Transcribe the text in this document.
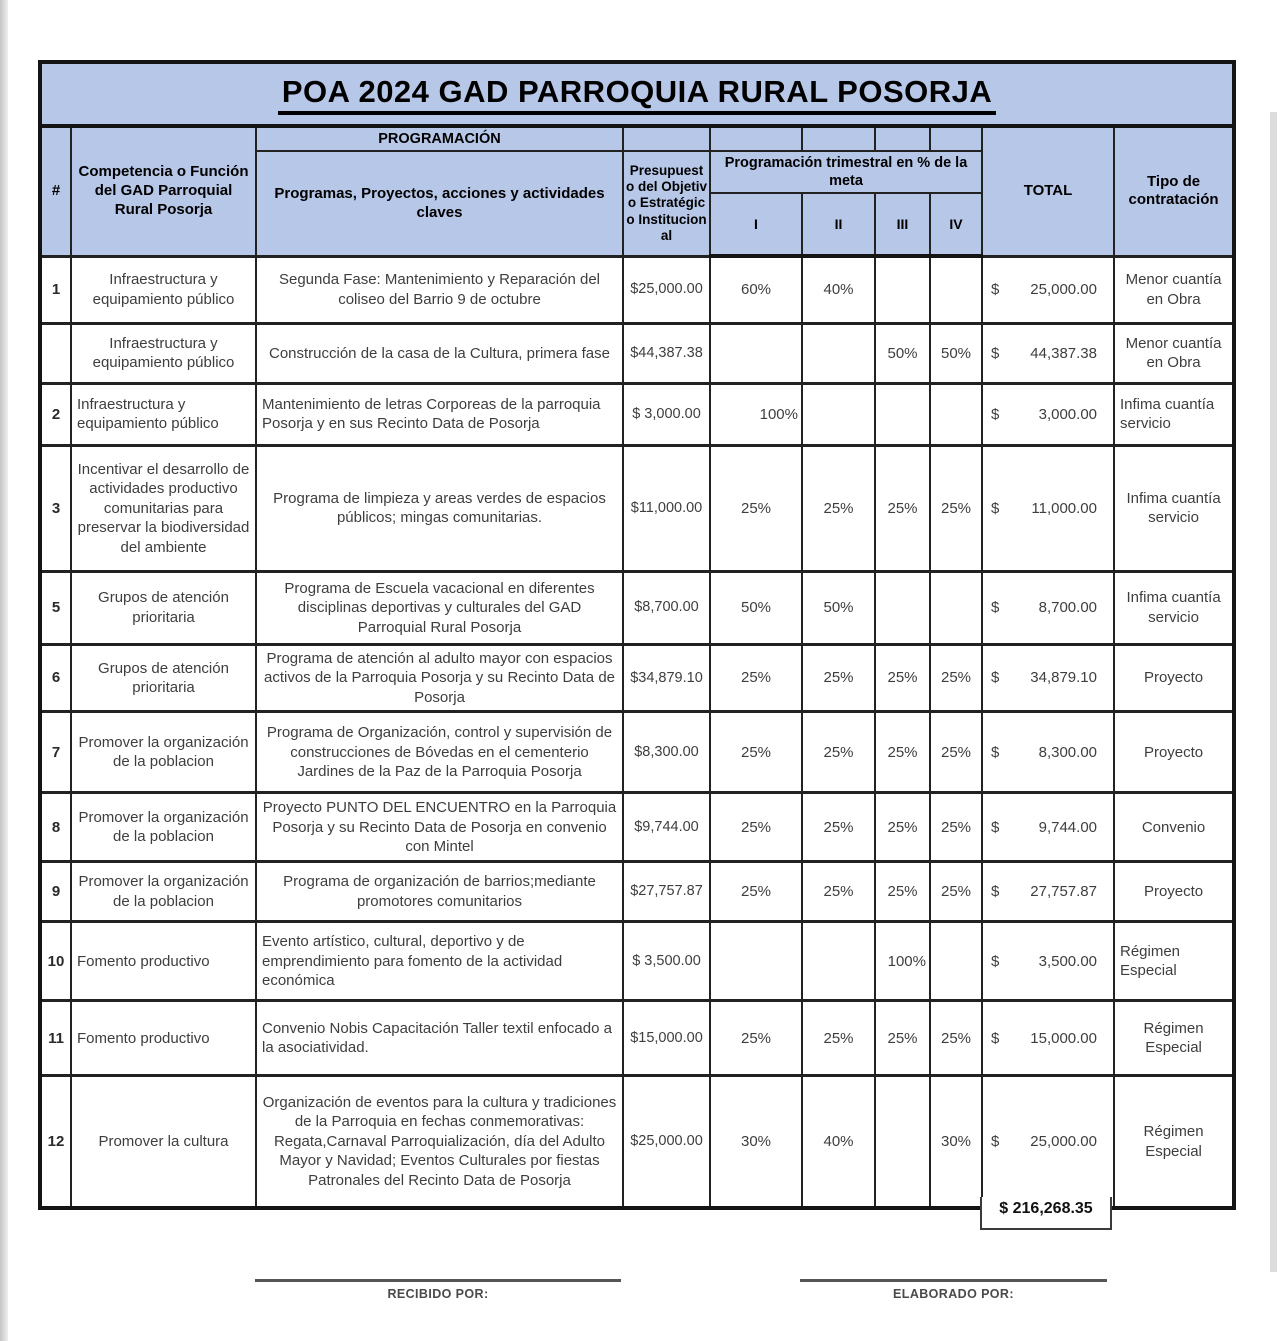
POA 2024 GAD PARROQUIA RURAL POSORJA									
#	Competencia o Función del GAD Parroquial Rural Posorja	PROGRAMACIÓN						TOTAL	Tipo de contratación
		Programas, Proyectos, acciones y actividades claves	Presupuesto del Objetivo Estratégico Institucional	Programación trimestral en % de la meta					
				I	II	III	IV		
1	Infraestructura y equipamiento público	Segunda Fase: Mantenimiento y Reparación del coliseo del Barrio 9 de octubre	$25,000.00	60%	40%			$ 25,000.00	Menor cuantía en Obra
	Infraestructura y equipamiento público	Construcción de la casa de la Cultura, primera fase	$44,387.38			50%	50%	$ 44,387.38	Menor cuantía en Obra
2	Infraestructura y equipamiento público	Mantenimiento de letras Corporeas de la parroquia Posorja y en sus Recinto Data de Posorja	$ 3,000.00	100%				$ 3,000.00	Infima cuantía servicio
3	Incentivar el desarrollo de actividades productivo comunitarias para preservar la biodiversidad del ambiente	Programa de limpieza y areas verdes de espacios públicos; mingas comunitarias.	$11,000.00	25%	25%	25%	25%	$ 11,000.00	Infima cuantía servicio
5	Grupos de atención prioritaria	Programa de Escuela vacacional en diferentes disciplinas deportivas y culturales del GAD Parroquial Rural Posorja	$8,700.00	50%	50%			$ 8,700.00	Infima cuantía servicio
6	Grupos de atención prioritaria	Programa de atención al adulto mayor con espacios activos de la Parroquia Posorja y su Recinto Data de Posorja	$34,879.10	25%	25%	25%	25%	$ 34,879.10	Proyecto
7	Promover la organización de la poblacion	Programa de Organización, control y supervisión de construcciones de Bóvedas en el cementerio Jardines de la Paz de la Parroquia Posorja	$8,300.00	25%	25%	25%	25%	$ 8,300.00	Proyecto
8	Promover la organización de la poblacion	Proyecto PUNTO DEL ENCUENTRO en la Parroquia Posorja y su Recinto Data de Posorja en convenio con Mintel	$9,744.00	25%	25%	25%	25%	$ 9,744.00	Convenio
9	Promover la organización de la poblacion	Programa de organización de barrios;mediante promotores comunitarios	$27,757.87	25%	25%	25%	25%	$ 27,757.87	Proyecto
10	Fomento productivo	Evento artístico, cultural, deportivo y de emprendimiento para fomento de la actividad económica	$ 3,500.00			100%		$ 3,500.00	Régimen Especial
11	Fomento productivo	Convenio Nobis Capacitación Taller textil enfocado a la asociatividad.	$15,000.00	25%	25%	25%	25%	$ 15,000.00	Régimen Especial
12	Promover la cultura	Organización de eventos para la cultura y tradiciones de la Parroquia en fechas conmemorativas: Regata,Carnaval Parroquialización, día del Adulto Mayor y Navidad; Eventos Culturales por fiestas Patronales del Recinto Data de Posorja	$25,000.00	30%	40%		30%	$ 25,000.00	Régimen Especial
$ 216,268.35
RECIBIDO POR:	ELABORADO POR:
